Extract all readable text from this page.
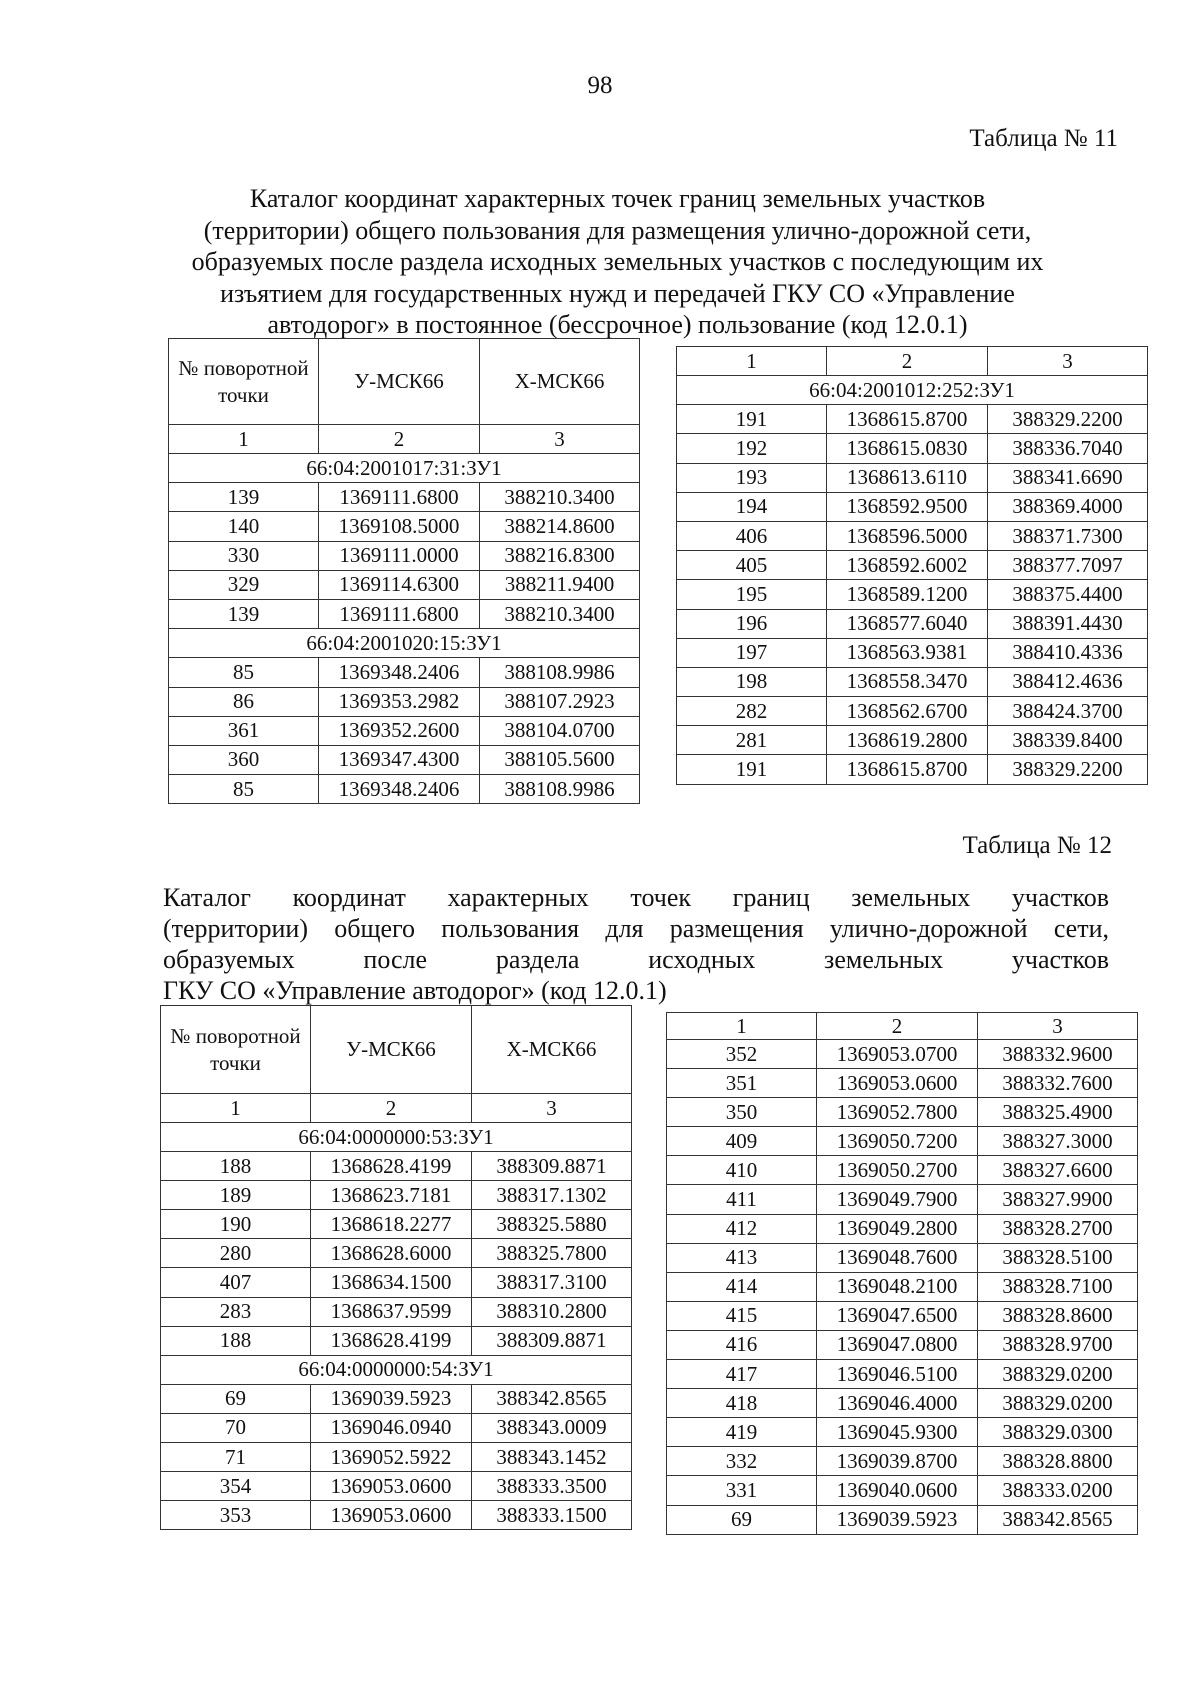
98
Таблица № 11
Каталог координат характерных точек границ земельных участков
(территории) общего пользования для размещения улично-дорожной сети,
образуемых после раздела исходных земельных участков с последующим их
изъятием для государственных нужд и передачей ГКУ СО «Управление
автодорог» в постоянное (бессрочное) пользование (код 12.0.1)
№ поворотной точки	У-МСК66	Х-МСК66
1	2	3
66:04:2001017:31:ЗУ1		
139	1369111.6800	388210.3400
140	1369108.5000	388214.8600
330	1369111.0000	388216.8300
329	1369114.6300	388211.9400
139	1369111.6800	388210.3400
66:04:2001020:15:ЗУ1		
85	1369348.2406	388108.9986
86	1369353.2982	388107.2923
361	1369352.2600	388104.0700
360	1369347.4300	388105.5600
85	1369348.2406	388108.9986
1	2	3
66:04:2001012:252:ЗУ1		
191	1368615.8700	388329.2200
192	1368615.0830	388336.7040
193	1368613.6110	388341.6690
194	1368592.9500	388369.4000
406	1368596.5000	388371.7300
405	1368592.6002	388377.7097
195	1368589.1200	388375.4400
196	1368577.6040	388391.4430
197	1368563.9381	388410.4336
198	1368558.3470	388412.4636
282	1368562.6700	388424.3700
281	1368619.2800	388339.8400
191	1368615.8700	388329.2200
Таблица № 12

Каталог координат характерных точек границ земельных участков

(территории) общего пользования для размещения улично-дорожной сети,

образуемых после раздела исходных земельных участков

ГКУ СО «Управление автодорог» (код 12.0.1)

№ поворотной точки	У-МСК66	Х-МСК66
1	2	3
66:04:0000000:53:ЗУ1		
188	1368628.4199	388309.8871
189	1368623.7181	388317.1302
190	1368618.2277	388325.5880
280	1368628.6000	388325.7800
407	1368634.1500	388317.3100
283	1368637.9599	388310.2800
188	1368628.4199	388309.8871
66:04:0000000:54:ЗУ1		
69	1369039.5923	388342.8565
70	1369046.0940	388343.0009
71	1369052.5922	388343.1452
354	1369053.0600	388333.3500
353	1369053.0600	388333.1500
1	2	3
352	1369053.0700	388332.9600
351	1369053.0600	388332.7600
350	1369052.7800	388325.4900
409	1369050.7200	388327.3000
410	1369050.2700	388327.6600
411	1369049.7900	388327.9900
412	1369049.2800	388328.2700
413	1369048.7600	388328.5100
414	1369048.2100	388328.7100
415	1369047.6500	388328.8600
416	1369047.0800	388328.9700
417	1369046.5100	388329.0200
418	1369046.4000	388329.0200
419	1369045.9300	388329.0300
332	1369039.8700	388328.8800
331	1369040.0600	388333.0200
69	1369039.5923	388342.8565
